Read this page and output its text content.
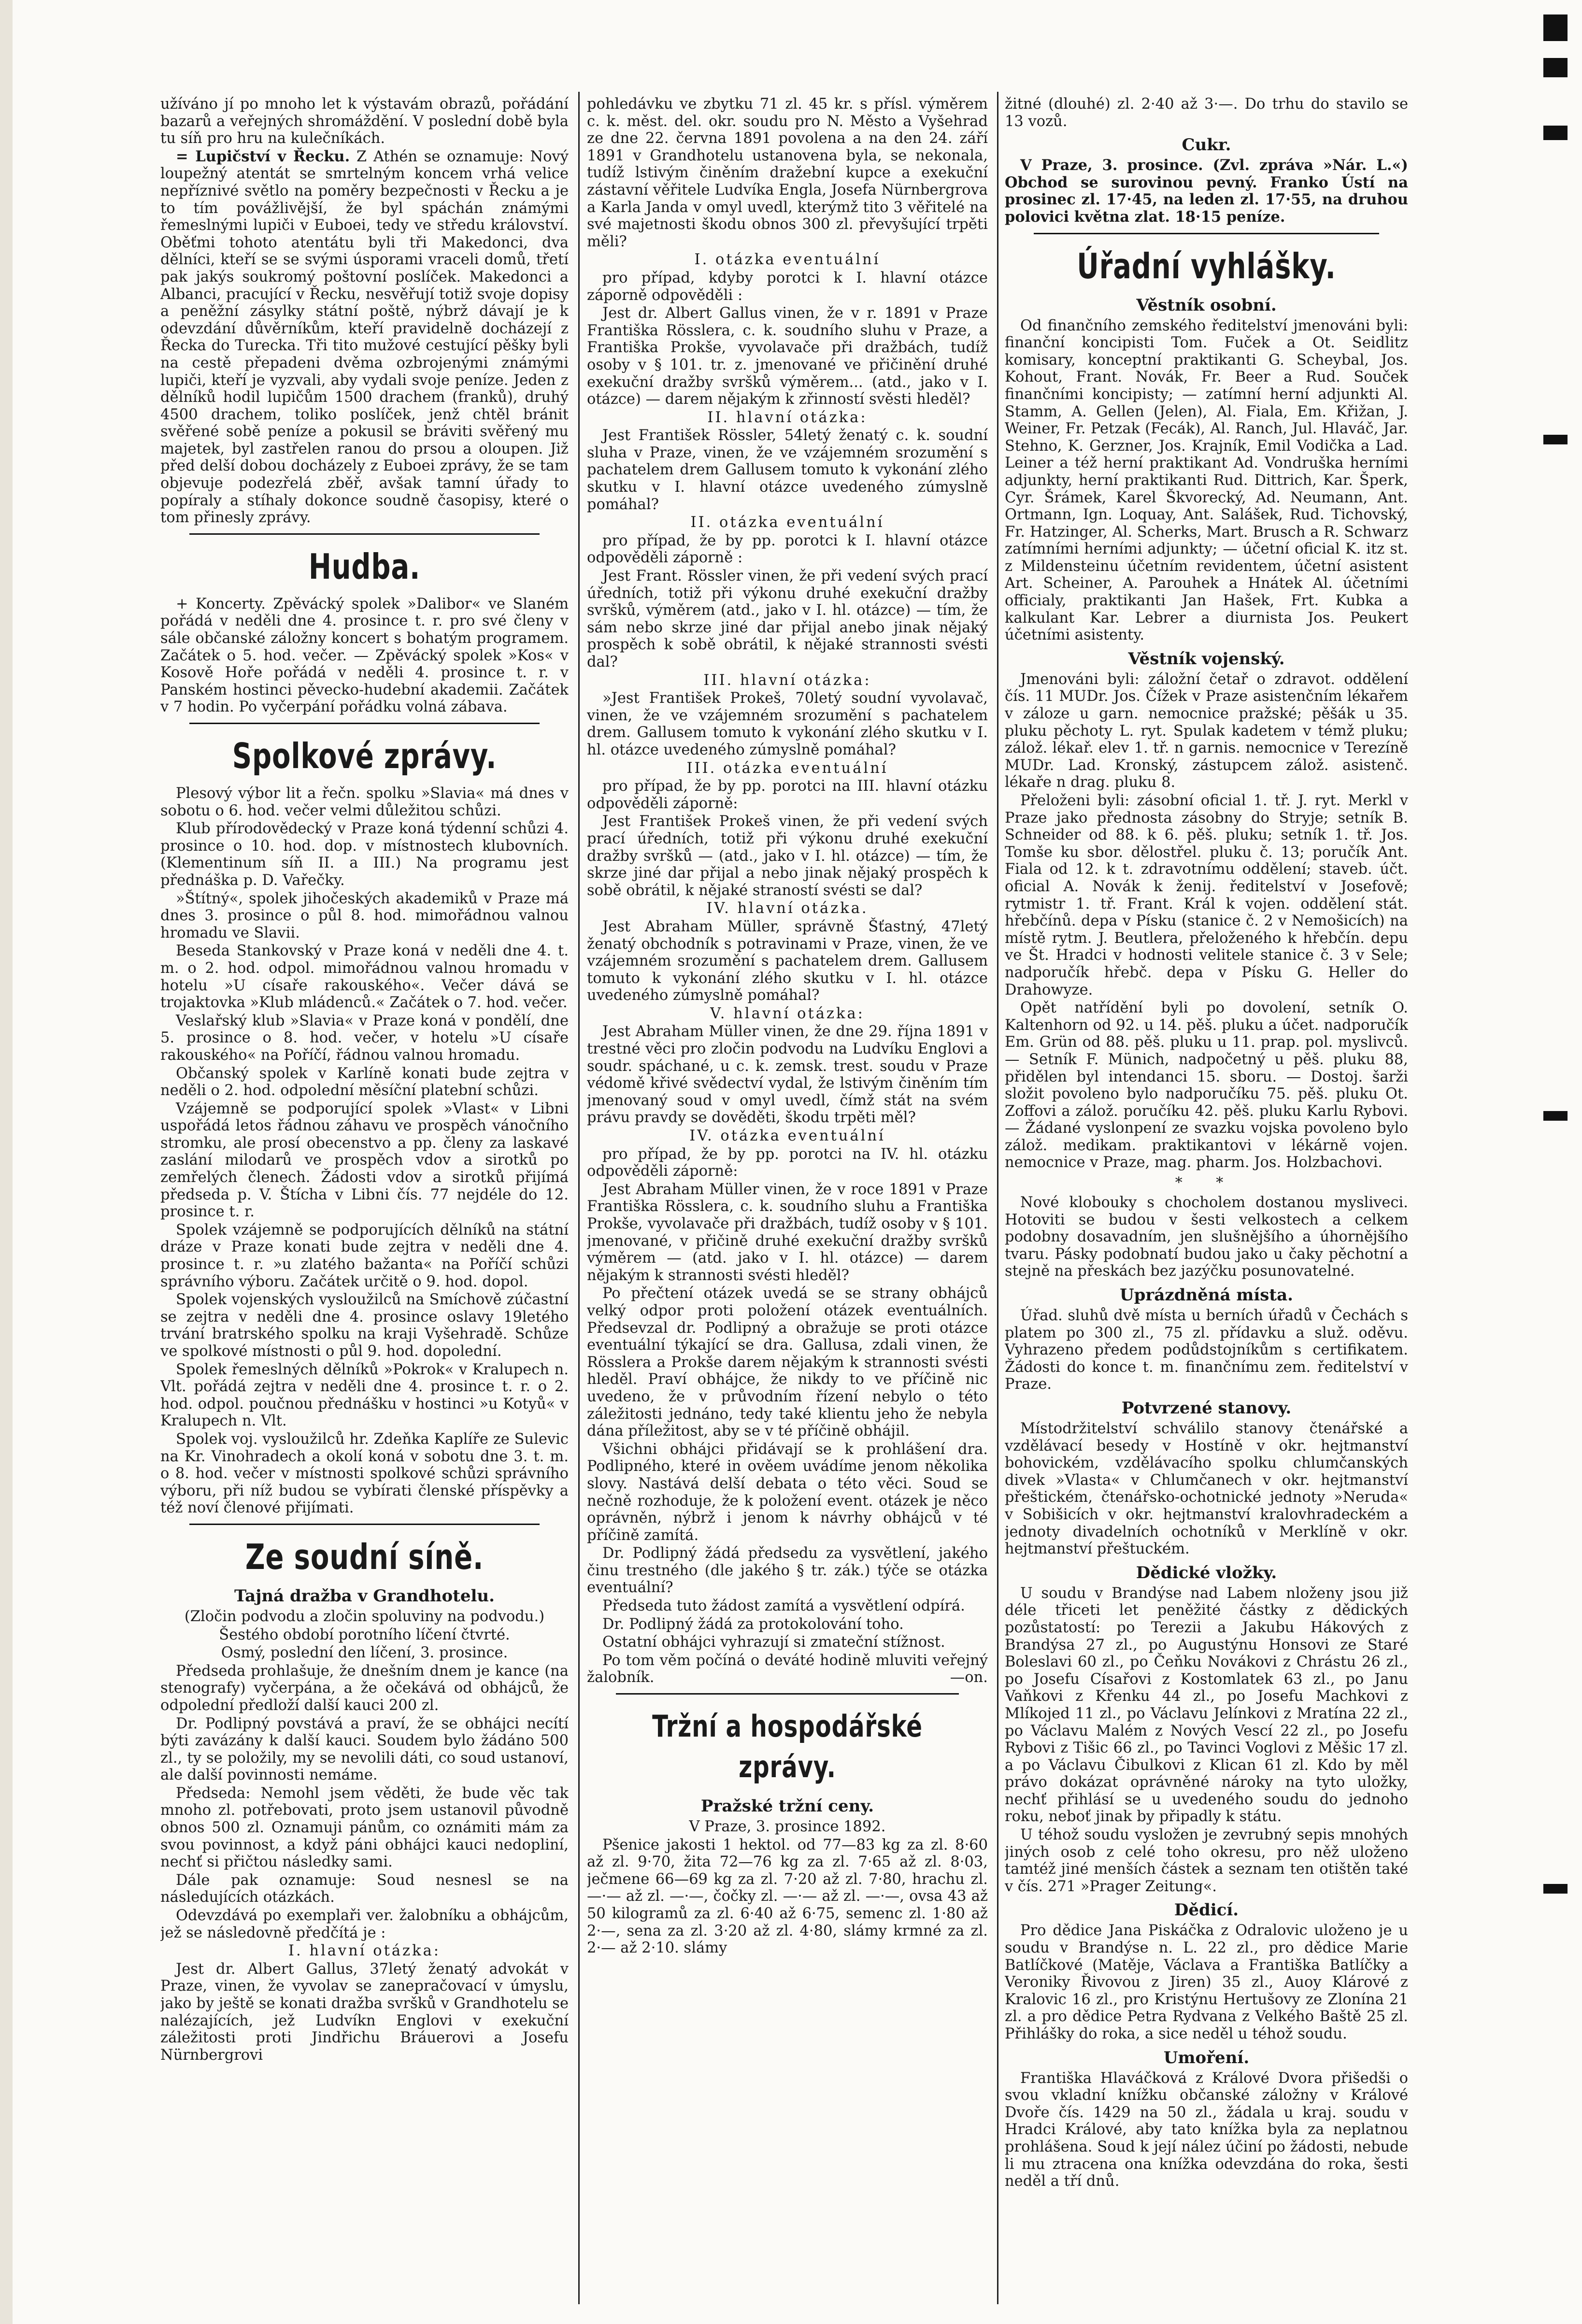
užíváno jí po mnoho let k výstavám obrazů, pořádání bazarů a veřejných shromáždění. V poslední době byla tu síň pro hru na kulečníkách.

= Lupičství v Řecku. Z Athén se oznamuje: Nový loupežný atentát se smrtelným koncem vrhá velice nepříznivé světlo na poměry bezpečnosti v Řecku a je to tím povážlivější, že byl spáchán známými řemeslnými lupiči v Euboei, tedy ve středu království. Oběťmi tohoto atentátu byli tři Makedonci, dva dělníci, kteří se se svými úsporami vraceli domů, třetí pak jakýs soukromý poštovní poslíček. Makedonci a Albanci, pracující v Řecku, nesvěřují totiž svoje dopisy a peněžní zásylky státní poště, nýbrž dávají je k odevzdání důvěrníkům, kteří pravidelně docházejí z Řecka do Turecka. Tři tito mužové cestující pěšky byli na cestě přepadeni dvěma ozbrojenými známými lupiči, kteří je vyzvali, aby vydali svoje peníze. Jeden z dělníků hodil lupičům 1500 drachem (franků), druhý 4500 drachem, toliko poslíček, jenž chtěl bránit svěřené sobě peníze a pokusil se bráviti svěřený mu majetek, byl zastřelen ranou do prsou a oloupen. Již před delší dobou docházely z Euboei zprávy, že se tam objevuje podezřelá zběř, avšak tamní úřady to popíraly a stíhaly dokonce soudně časopisy, které o tom přinesly zprávy.

Hudba.

+ Koncerty. Zpěvácký spolek »Dalibor« ve Slaném pořádá v neděli dne 4. prosince t. r. pro své členy v sále občanské záložny koncert s bohatým programem. Začátek o 5. hod. večer. — Zpěvácký spolek »Kos« v Kosově Hoře pořádá v neděli 4. prosince t. r. v Panském hostinci pěvecko-hudební akademii. Začátek v 7 hodin. Po vyčerpání pořádku volná zábava.

Spolkové zprávy.

Plesový výbor lit a řečn. spolku »Slavia« má dnes v sobotu o 6. hod. večer velmi důležitou schůzi.

Klub přírodovědecký v Praze koná týdenní schůzi 4. prosince o 10. hod. dop. v místnostech klubovních. (Klementinum síň II. a III.) Na programu jest přednáška p. D. Vařečky.

»Štítný«, spolek jihočeských akademiků v Praze má dnes 3. prosince o půl 8. hod. mimořádnou valnou hromadu ve Slavii.

Beseda Stankovský v Praze koná v neděli dne 4. t. m. o 2. hod. odpol. mimořádnou valnou hromadu v hotelu »U císaře rakouského«. Večer dává se trojaktovka »Klub mládenců.« Začátek o 7. hod. večer.

Veslařský klub »Slavia« v Praze koná v pondělí, dne 5. prosince o 8. hod. večer, v hotelu »U císaře rakouského« na Poříčí, řádnou valnou hromadu.

Občanský spolek v Karlíně konati bude zejtra v neděli o 2. hod. odpolední měsíční platební schůzi.

Vzájemně se podporující spolek »Vlast« v Libni uspořádá letos řádnou záhavu ve prospěch vánočního stromku, ale prosí obecenstvo a pp. členy za laskavé zaslání milodarů ve prospěch vdov a sirotků po zemřelých členech. Žádosti vdov a sirotků přijímá předseda p. V. Štícha v Libni čís. 77 nejdéle do 12. prosince t. r.

Spolek vzájemně se podporujících dělníků na státní dráze v Praze konati bude zejtra v neděli dne 4. prosince t. r. »u zlatého bažanta« na Poříčí schůzi správního výboru. Začátek určitě o 9. hod. dopol.

Spolek vojenských vysloužilců na Smíchově zúčastní se zejtra v neděli dne 4. prosince oslavy 19letého trvání bratrského spolku na kraji Vyšehradě. Schůze ve spolkové místnosti o půl 9. hod. dopolední.

Spolek řemeslných dělníků »Pokrok« v Kralupech n. Vlt. pořádá zejtra v neděli dne 4. prosince t. r. o 2. hod. odpol. poučnou přednášku v hostinci »u Kotyů« v Kralupech n. Vlt.

Spolek voj. vysloužilců hr. Zdeňka Kaplíře ze Sulevic na Kr. Vinohradech a okolí koná v sobotu dne 3. t. m. o 8. hod. večer v místnosti spolkové schůzi správního výboru, při níž budou se vybírati členské příspěvky a též noví členové přijímati.

Ze soudní síně.
Tajná dražba v Grandhotelu.

(Zločin podvodu a zločin spoluviny na podvodu.)

Šestého období porotního líčení čtvrté.

Osmý, poslední den líčení, 3. prosince.

Předseda prohlašuje, že dnešním dnem je kance (na stenografy) vyčerpána, a že očekává od obhájců, že odpolední předloží další kauci 200 zl.

Dr. Podlipný povstává a praví, že se obhájci necítí býti zavázány k další kauci. Soudem bylo žádáno 500 zl., ty se položily, my se nevolili dáti, co soud ustanoví, ale další povinnosti nemáme.

Předseda: Nemohl jsem věděti, že bude věc tak mnoho zl. potřebovati, proto jsem ustanovil původně obnos 500 zl. Oznamuji pánům, co oznámiti mám za svou povinnost, a když páni obhájci kauci nedopliní, nechť si přičtou následky sami.

Dále pak oznamuje: Soud nesnesl se na následujících otázkách.

Odevzdává po exemplaři ver. žalobníku a obhájcům, jež se následovně předčítá je :

I. hlavní otázka:

Jest dr. Albert Gallus, 37letý ženatý advokát v Praze, vinen, že vyvolav se zanepračovací v úmyslu, jako by ještě se konati dražba svršků v Grandhotelu se nalézajících, jež Ludvíkn Englovi v exekuční záležitosti proti Jindřichu Bráuerovi a Josefu Nürnbergrovi

pohledávku ve zbytku 71 zl. 45 kr. s přísl. výměrem c. k. měst. del. okr. soudu pro N. Město a Vyšehrad ze dne 22. června 1891 povolena a na den 24. září 1891 v Grandhotelu ustanovena byla, se nekonala, tudíž lstivým činěním dražební kupce a exekuční zástavní věřitele Ludvíka Engla, Josefa Nürnbergrova a Karla Janda v omyl uvedl, kterýmž tito 3 věřitelé na své majetnosti škodu obnos 300 zl. převyšující trpěti měli?

I. otázka eventuální

pro případ, kdyby porotci k I. hlavní otázce záporně odpověděli :

Jest dr. Albert Gallus vinen, že v r. 1891 v Praze Františka Rösslera, c. k. soudního sluhu v Praze, a Františka Prokše, vyvolavače při dražbách, tudíž osoby v § 101. tr. z. jmenované ve přičinění druhé exekuční dražby svršků výměrem... (atd., jako v I. otázce) — darem nějakým k zřinností svěsti hleděl?

II. hlavní otázka:

Jest František Rössler, 54letý ženatý c. k. soudní sluha v Praze, vinen, že ve vzájemném srozumění s pachatelem drem Gallusem tomuto k vykonání zlého skutku v I. hlavní otázce uvedeného zúmyslně pomáhal?

II. otázka eventuální

pro případ, že by pp. porotci k I. hlavní otázce odpověděli záporně :

Jest Frant. Rössler vinen, že při vedení svých prací úředních, totiž při výkonu druhé exekuční dražby svršků, výměrem (atd., jako v I. hl. otázce) — tím, že sám nebo skrze jiné dar přijal anebo jinak nějaký prospěch k sobě obrátil, k nějaké strannosti svésti dal?

III. hlavní otázka:

»Jest František Prokeš, 70letý soudní vyvolavač, vinen, že ve vzájemném srozumění s pachatelem drem. Gallusem tomuto k vykonání zlého skutku v I. hl. otázce uvedeného zúmyslně pomáhal?

III. otázka eventuální

pro případ, že by pp. porotci na III. hlavní otázku odpověděli záporně:

Jest František Prokeš vinen, že při vedení svých prací úředních, totiž při výkonu druhé exekuční dražby svršků — (atd., jako v I. hl. otázce) — tím, že skrze jiné dar přijal a nebo jinak nějaký prospěch k sobě obrátil, k nějaké straností svésti se dal?

IV. hlavní otázka.

Jest Abraham Müller, správně Šťastný, 47letý ženatý obchodník s potravinami v Praze, vinen, že ve vzájemném srozumění s pachatelem drem. Gallusem tomuto k vykonání zlého skutku v I. hl. otázce uvedeného zúmyslně pomáhal?

V. hlavní otázka:

Jest Abraham Müller vinen, že dne 29. října 1891 v trestné věci pro zločin podvodu na Ludvíku Englovi a soudr. spáchané, u c. k. zemsk. trest. soudu v Praze védomě křivé svědectví vydal, že lstivým činěním tím jmenovaný soud v omyl uvedl, čímž stát na svém právu pravdy se dověděti, škodu trpěti měl?

IV. otázka eventuální

pro případ, že by pp. porotci na IV. hl. otázku odpověděli záporně:

Jest Abraham Müller vinen, že v roce 1891 v Praze Františka Rösslera, c. k. soudního sluhu a Františka Prokše, vyvolavače při dražbách, tudíž osoby v § 101. jmenované, v přičině druhé exekuční dražby svršků výměrem — (atd. jako v I. hl. otázce) — darem nějakým k strannosti svésti hleděl?

Po přečtení otázek uvedá se se strany obhájců velký odpor proti položení otázek eventuálních. Předsevzal dr. Podlipný a obražuje se proti otázce eventuální týkající se dra. Gallusa, zdali vinen, že Rösslera a Prokše darem nějakým k strannosti svésti hleděl. Praví obhájce, že nikdy to ve příčině nic uvedeno, že v průvodním řízení nebylo o této záležitosti jednáno, tedy také klientu jeho že nebyla dána příležitost, aby se v té příčině obhájil.

Všichni obhájci přidávají se k prohlášení dra. Podlipného, které in ověem uvádíme jenom několika slovy. Nastává delší debata o této věci. Soud se nečně rozhoduje, že k položení event. otázek je něco oprávněn, nýbrž i jenom k návrhy obhájců v té příčině zamítá.

Dr. Podlipný žádá předsedu za vysvětlení, jakého činu trestného (dle jakého § tr. zák.) týče se otázka eventuální?

Předseda tuto žádost zamítá a vysvětlení odpírá.

Dr. Podlipný žádá za protokolování toho.

Ostatní obhájci vyhrazují si zmateční stížnost.

Po tom věm počíná o deváté hodině mluviti veřejný žalobník.	—on.

Tržní a hospodářské zprávy.
Pražské tržní ceny.

V Praze, 3. prosince 1892.

Pšenice jakosti 1 hektol. od 77—83 kg za zl. 8·60 až zl. 9·70, žita 72—76 kg za zl. 7·65 až zl. 8·03, ječmene 66—69 kg za zl. 7·20 až zl. 7·80, hrachu zl. —·— až zl. —·—, čočky zl. —·— až zl. —·—, ovsa 43 až 50 kilogramů za zl. 6·40 až 6·75, semenc zl. 1·80 až 2·—, sena za zl. 3·20 až zl. 4·80, slámy krmné za zl. 2·— až 2·10. slámy

žitné (dlouhé) zl. 2·40 až 3·—. Do trhu do stavilo se 13 vozů.

Cukr.

V Praze, 3. prosince. (Zvl. zpráva »Nár. L.«) Obchod se surovinou pevný. Franko Ústí na prosinec zl. 17·45, na leden zl. 17·55, na druhou polovici května zlat. 18·15 peníze.

Úřadní vyhlášky.
Věstník osobní.

Od finančního zemského ředitelství jmenováni byli: finanční koncipisti Tom. Fuček a Ot. Seidlitz komisary, konceptní praktikanti G. Scheybal, Jos. Kohout, Frant. Novák, Fr. Beer a Rud. Souček finančními koncipisty; — zatímní herní adjunkti Al. Stamm, A. Gellen (Jelen), Al. Fiala, Em. Křižan, J. Weiner, Fr. Petzak (Fecák), Al. Ranch, Jul. Hlaváč, Jar. Stehno, K. Gerzner, Jos. Krajník, Emil Vodička a Lad. Leiner a též herní praktikant Ad. Vondruška herními adjunkty, herní praktikanti Rud. Dittrich, Kar. Šperk, Cyr. Šrámek, Karel Škvorecký, Ad. Neumann, Ant. Ortmann, Ign. Loquay, Ant. Salášek, Rud. Tichovský, Fr. Hatzinger, Al. Scherks, Mart. Brusch a R. Schwarz zatímními herními adjunkty; — účetní oficial K. itz st. z Mildensteinu účetním revidentem, účetní asistent Art. Scheiner, A. Parouhek a Hnátek Al. účetními officialy, praktikanti Jan Hašek, Frt. Kubka a kalkulant Kar. Lebrer a diurnista Jos. Peukert účetními asistenty.

Věstník vojenský.

Jmenováni byli: záložní četař o zdravot. oddělení čís. 11 MUDr. Jos. Čížek v Praze asistenčním lékařem v záloze u garn. nemocnice pražské; pěšák u 35. pluku pěchoty L. ryt. Spulak kadetem v témž pluku; zálož. lékař. elev 1. tř. n garnis. nemocnice v Terezíně MUDr. Lad. Kronský, zástupcem zálož. asistenč. lékaře n drag. pluku 8.

Přeloženi byli: zásobní oficial 1. tř. J. ryt. Merkl v Praze jako přednosta zásobny do Stryje; setník B. Schneider od 88. k 6. pěš. pluku; setník 1. tř. Jos. Tomše ku sbor. dělostřel. pluku č. 13; poručík Ant. Fiala od 12. k t. zdravotnímu oddělení; staveb. účt. oficial A. Novák k ženij. ředitelství v Josefově; rytmistr 1. tř. Frant. Král k vojen. oddělení stát. hřebčínů. depa v Písku (stanice č. 2 v Nemošicích) na místě rytm. J. Beutlera, přeloženého k hřebčín. depu ve Št. Hradci v hodnosti velitele stanice č. 3 v Sele; nadporučík hřebč. depa v Písku G. Heller do Drahowyze.

Opět natřídění byli po dovolení, setník O. Kaltenhorn od 92. u 14. pěš. pluku a účet. nadporučík Em. Grün od 88. pěš. pluku u 11. prap. pol. myslivců. — Setník F. Münich, nadpočetný u pěš. pluku 88, přidělen byl intendanci 15. sboru. — Dostoj. šarži složit povoleno bylo nadporučíku 75. pěš. pluku Ot. Zoffovi a zálož. poručíku 42. pěš. pluku Karlu Rybovi. — Žádané vyslonpení ze svazku vojska povoleno bylo zálož. medikam. praktikantovi v lékárně vojen. nemocnice v Praze, mag. pharm. Jos. Holzbachovi.

* *

Nové klobouky s chocholem dostanou mysliveci. Hotoviti se budou v šesti velkostech a celkem podobny dosavadním, jen slušnějšího a úhornějšího tvaru. Pásky podobnatí budou jako u čaky pěchotní a stejně na přeskách bez jazýčku posunovatelné.

Uprázdněná místa.

Úřad. sluhů dvě místa u berních úřadů v Čechách s platem po 300 zl., 75 zl. přídavku a služ. oděvu. Vyhrazeno předem podůdstojníkům s certifikatem. Žádosti do konce t. m. finančnímu zem. ředitelství v Praze.

Potvrzené stanovy.

Místodržitelství schválilo stanovy čtenářské a vzdělávací besedy v Hostíně v okr. hejtmanství bohovickém, vzdělávacího spolku chlumčanských divek »Vlasta« v Chlumčanech v okr. hejtmanství přeštickém, čtenářsko-ochotnické jednoty »Neruda« v Sobišicích v okr. hejtmanství kralovhradeckém a jednoty divadelních ochotníků v Merklíně v okr. hejtmanství přeštuckém.

Dědické vložky.

U soudu v Brandýse nad Labem nloženy jsou již déle třiceti let peněžité částky z dědických pozůstatostí: po Terezii a Jakubu Hákových z Brandýsa 27 zl., po Augustýnu Honsovi ze Staré Boleslavi 60 zl., po Čeňku Novákovi z Chrástu 26 zl., po Josefu Císařovi z Kostomlatek 63 zl., po Janu Vaňkovi z Křenku 44 zl., po Josefu Machkovi z Mlíkojed 11 zl., po Václavu Jelínkovi z Mratína 22 zl., po Václavu Malém z Nových Vescí 22 zl., po Josefu Rybovi z Tišic 66 zl., po Tavinci Voglovi z Měšic 17 zl. a po Václavu Čibulkovi z Klican 61 zl. Kdo by měl právo dokázat oprávněné nároky na tyto uložky, nechť přihlásí se u uvedeného soudu do jednoho roku, neboť jinak by připadly k státu.

U téhož soudu vysložen je zevrubný sepis mnohých jiných osob z celé toho okresu, pro něž uloženo tamtéž jiné menších částek a seznam ten otištěn také v čís. 271 »Prager Zeitung«.

Dědicí.

Pro dědice Jana Piskáčka z Odralovic uloženo je u soudu v Brandýse n. L. 22 zl., pro dědice Marie Batlíčkové (Matěje, Václava a Františka Batlíčky a Veroniky Řivovou z Jiren) 35 zl., Auoy Klárové z Kralovic 16 zl., pro Kristýnu Hertušovy ze Zlonína 21 zl. a pro dědice Petra Rydvana z Velkého Baště 25 zl. Přihlášky do roka, a sice neděl u téhož soudu.

Umoření.

Františka Hlaváčková z Králové Dvora přišedši o svou vkladní knížku občanské záložny v Králové Dvoře čís. 1429 na 50 zl., žádala u kraj. soudu v Hradci Králové, aby tato knížka byla za neplatnou prohlášena. Soud k její nález účiní po žádosti, nebude li mu ztracena ona knížka odevzdána do roka, šesti neděl a tří dnů.
